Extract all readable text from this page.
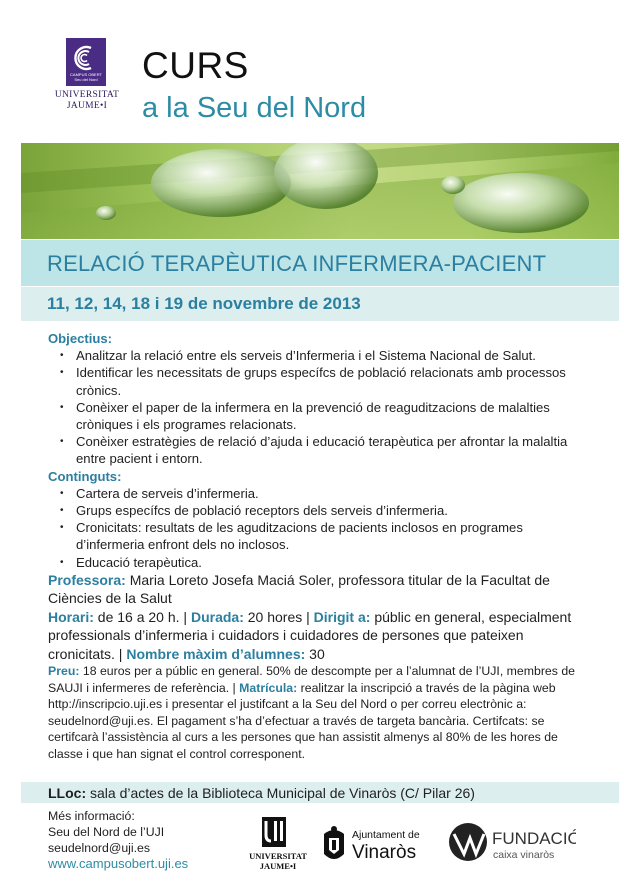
CAMPUS OBERT
Seu del Nord
UNIVERSITAT
JAUME•I
CURS
a la Seu del Nord
RELACIÓ TERAPÈUTICA INFERMERA-PACIENT
11, 12, 14, 18 i 19 de novembre de 2013
Objectius:
• Analitzar la relació entre els serveis d’Infermeria i el Sistema Nacional de Salut.
• Identificar les necessitats de grups específcs de població relacionats amb processos crònics.
• Conèixer el paper de la infermera en la prevenció de reaguditzacions de malalties cròniques i els programes relacionats.
• Conèixer estratègies de relació d’ajuda i educació terapèutica per afrontar la malaltia entre pacient i entorn.
Continguts:
• Cartera de serveis d’infermeria.
• Grups específcs de població receptors dels serveis d’infermeria.
• Cronicitats: resultats de les aguditzacions de pacients inclosos en programes d’infermeria enfront dels no inclosos.
• Educació terapèutica.
Professora: Maria Loreto Josefa Maciá Soler, professora titular de la Facultat de Ciències de la Salut
Horari: de 16 a 20 h. | Durada: 20 hores | Dirigit a: públic en general, especialment professionals d’infermeria i cuidadors i cuidadores de persones que pateixen cronicitats. | Nombre màxim d’alumnes: 30
Preu: 18 euros per a públic en general. 50% de descompte per a l’alumnat de l’UJI, membres de SAUJI i infermeres de referència. | Matrícula: realitzar la inscripció a través de la pàgina web http://inscripcio.uji.es i presentar el justifcant a la Seu del Nord o per correu electrònic a: seudelnord@uji.es. El pagament s’ha d’efectuar a través de targeta bancària. Certifcats: se certifcarà l’assistència al curs a les persones que han assistit almenys al 80% de les hores de classe i que han signat el control corresponent.
LLoc: sala d’actes de la Biblioteca Municipal de Vinaròs (C/ Pilar 26)
Més informació:
Seu del Nord de l’UJI
seudelnord@uji.es
www.campusobert.uji.es	UNIVERSITAT
JAUME•I
Ajuntament de
Vinaròs
FUNDACIÓ
caixa vinaròs
